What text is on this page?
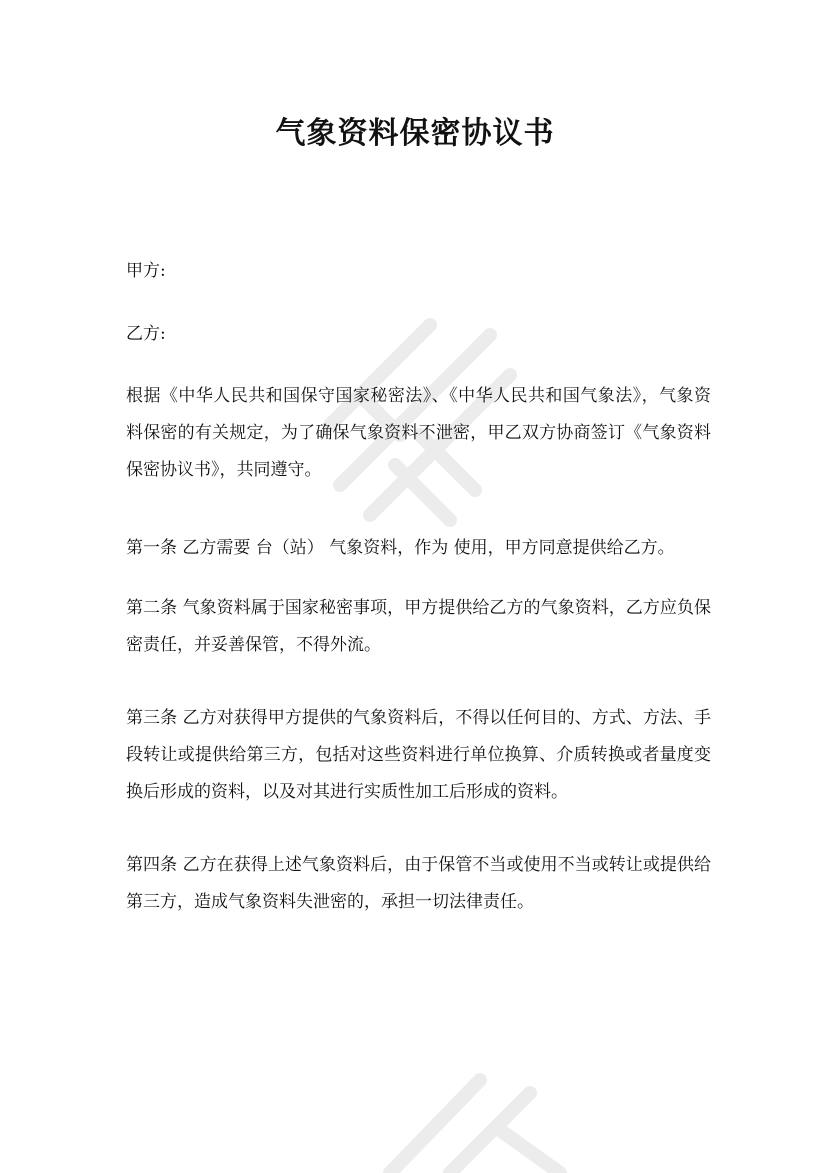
气象资料保密协议书
甲方:
乙方:
根据《中华人民共和国保守国家秘密法》、《中华人民共和国气象法》，气象资料保密的有关规定，为了确保气象资料不泄密，甲乙双方协商签订《气象资料保密协议书》，共同遵守。
第一条 乙方需要 台（站） 气象资料，作为 使用，甲方同意提供给乙方。
第二条 气象资料属于国家秘密事项，甲方提供给乙方的气象资料，乙方应负保密责任，并妥善保管，不得外流。
第三条 乙方对获得甲方提供的气象资料后，不得以任何目的、方式、方法、手段转让或提供给第三方，包括对这些资料进行单位换算、介质转换或者量度变换后形成的资料，以及对其进行实质性加工后形成的资料。
第四条 乙方在获得上述气象资料后，由于保管不当或使用不当或转让或提供给第三方，造成气象资料失泄密的，承担一切法律责任。
